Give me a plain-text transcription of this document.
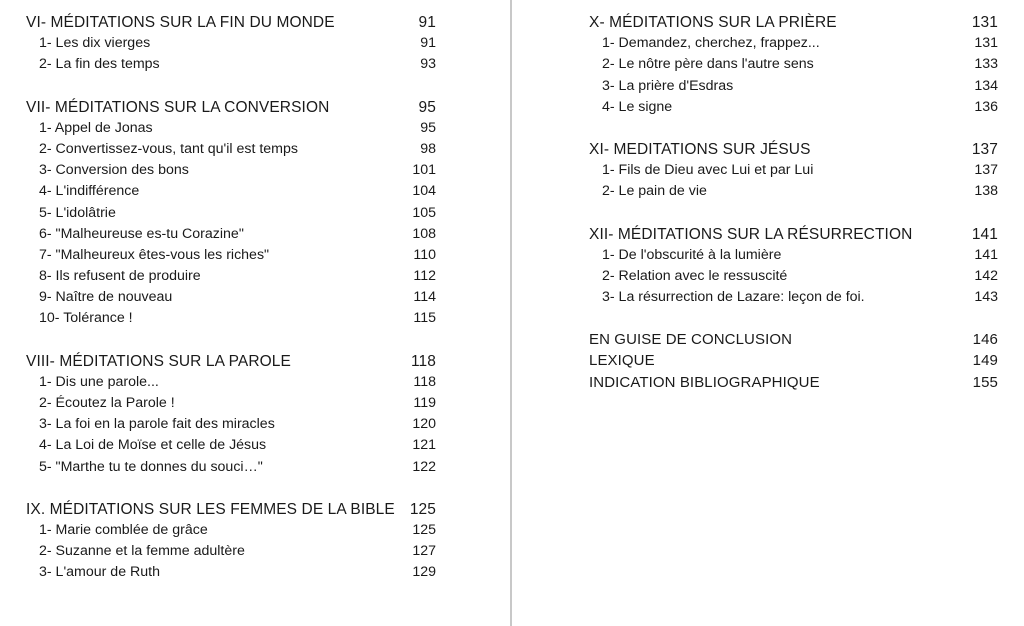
VI- MÉDITATIONS SUR LA FIN DU MONDE	91
1- Les dix vierges	91
2- La fin des temps	93
VII- MÉDITATIONS SUR LA CONVERSION	95
1- Appel de Jonas	95
2- Convertissez-vous, tant qu'il est temps	98
3- Conversion des bons	101
4- L'indifférence	104
5- L'idolâtrie	105
6- "Malheureuse es-tu Corazine"	108
7- "Malheureux êtes-vous les riches"	110
8- Ils refusent de produire	112
9- Naître de nouveau	114
10- Tolérance !	115
VIII- MÉDITATIONS SUR LA PAROLE	118
1- Dis une parole...	118
2- Écoutez la Parole !	119
3- La foi en la parole fait des miracles	120
4- La Loi de Moïse et celle de Jésus	121
5- "Marthe tu te donnes du souci…"	122
IX. MÉDITATIONS SUR LES FEMMES DE LA BIBLE 125
1- Marie comblée de grâce	125
2- Suzanne et la femme adultère	127
3- L'amour de Ruth	129
X- MÉDITATIONS SUR LA PRIÈRE	131
1- Demandez, cherchez, frappez...	131
2- Le nôtre père dans l'autre sens	133
3- La prière d'Esdras	134
4- Le signe	136
XI- MEDITATIONS SUR JÉSUS	137
1- Fils de Dieu avec Lui et par Lui	137
2- Le pain de vie	138
XII- MÉDITATIONS SUR LA RÉSURRECTION	141
1- De l'obscurité à la lumière	141
2- Relation avec le ressuscité	142
3- La résurrection de Lazare: leçon de foi.	143
EN GUISE DE CONCLUSION	146
LEXIQUE	149
INDICATION BIBLIOGRAPHIQUE	155
